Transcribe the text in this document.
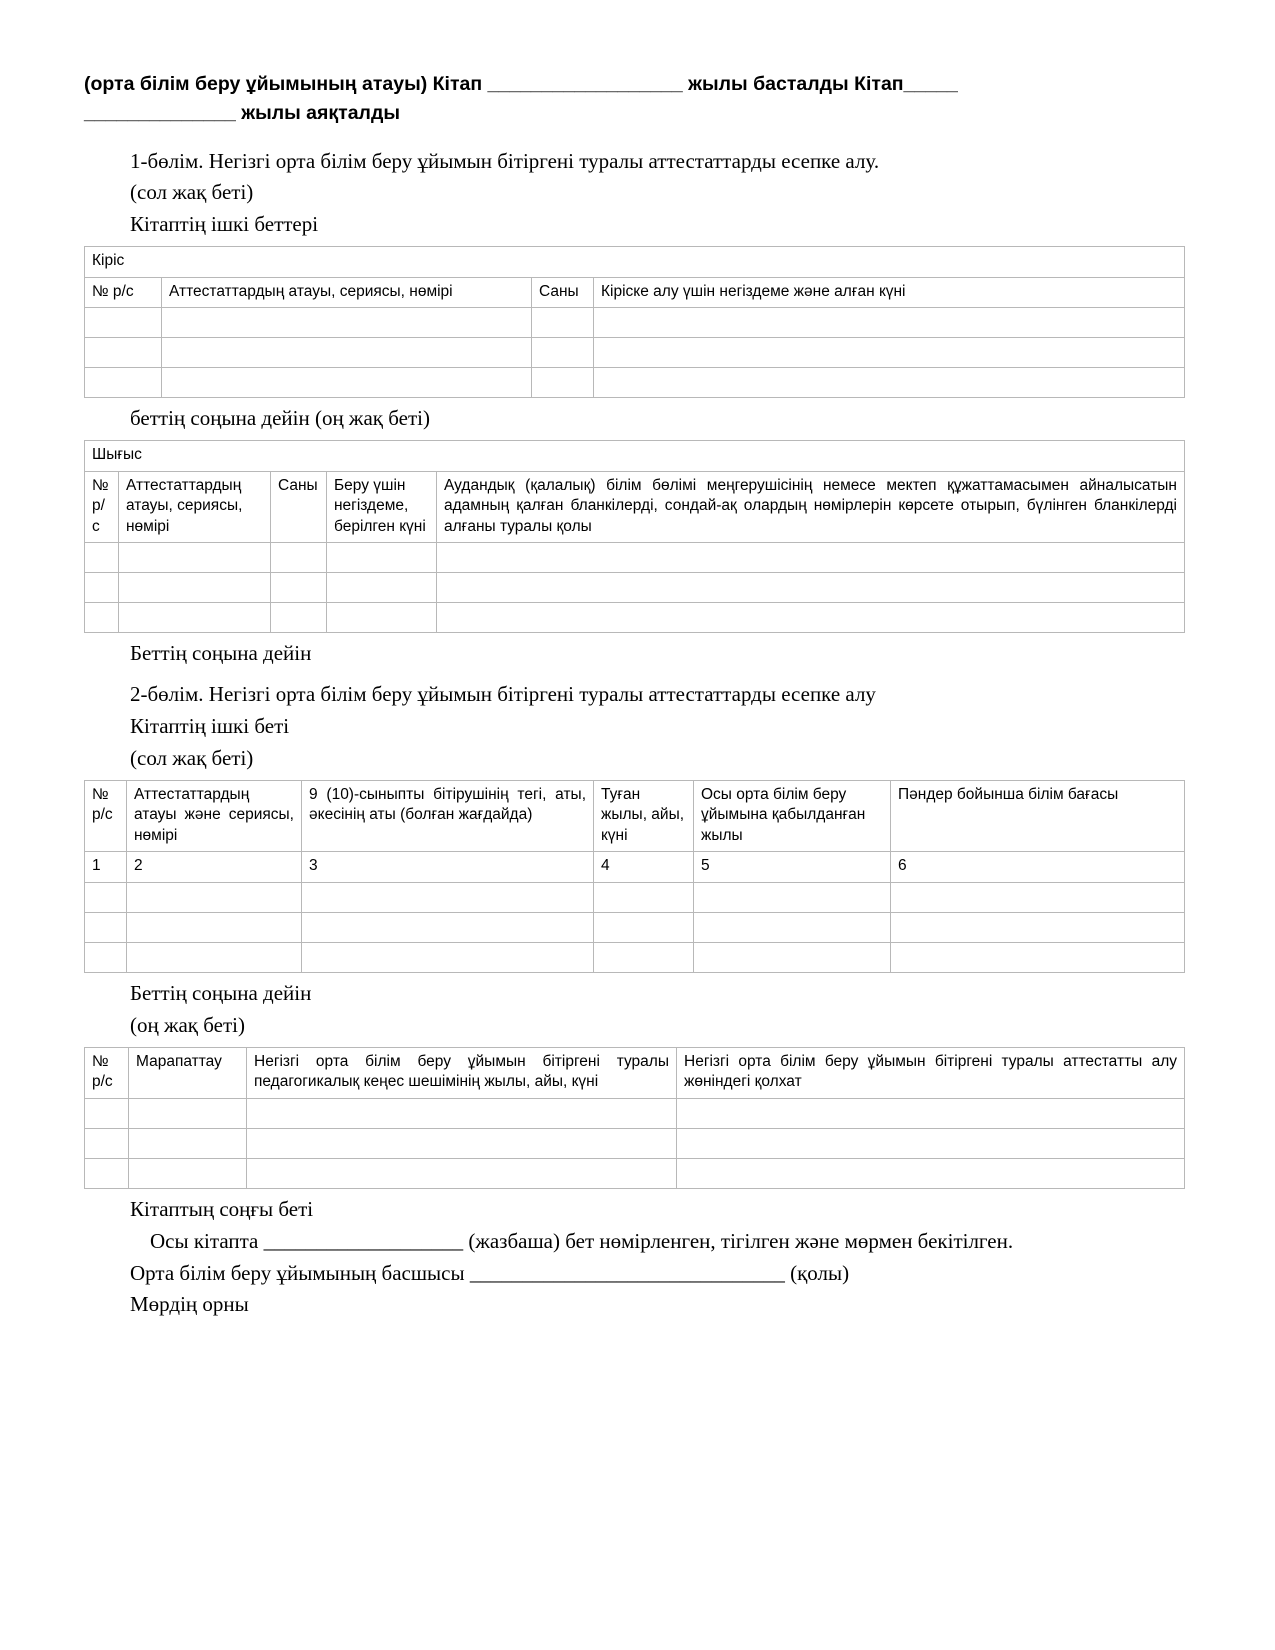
(орта білім беру ұйымының атауы) Кітап __________________ жылы басталды Кітап_____
______________ жылы аяқталды
1-бөлім. Негізгі орта білім беру ұйымын бітіргені туралы аттестаттарды есепке алу.
(сол жақ беті)
Кітаптің ішкі беттері
Кіріс			
№ р/с	Аттестаттардың атауы, сериясы, нөмірі	Саны	Кіріске алу үшін негіздеме және алған күні

беттің соңына дейін (оң жақ беті)
Шығыс				
№ р/с	Аттестаттардың атауы, сериясы, нөмірі	Саны	Беру үшін негіздеме, берілген күні	Аудандық (қалалық) білім бөлімі меңгерушісінің немесе мектеп құжаттамасымен айналысатын адамның қалған бланкілерді, сондай-ақ олардың нөмірлерін көрсете отырып, бүлінген бланкілерді алғаны туралы қолы

Беттің соңына дейін
2-бөлім. Негізгі орта білім беру ұйымын бітіргені туралы аттестаттарды есепке алу
Кітаптің ішкі беті
(сол жақ беті)
№ р/с	Аттестаттардың атауы және сериясы, нөмірі	9 (10)-сыныпты бітірушінің тегі, аты, әкесінің аты (болған жағдайда)	Туған жылы, айы, күні	Осы орта білім беру ұйымына қабылданған жылы	Пәндер бойынша білім бағасы
1	2	3	4	5	6

Беттің соңына дейін
(оң жақ беті)
№ р/с	Марапаттау	Негізгі орта білім беру ұйымын бітіргені туралы педагогикалық кеңес шешімінің жылы, айы, күні	Негізгі орта білім беру ұйымын бітіргені туралы аттестатты алу жөніндегі қолхат

Кітаптың соңғы беті
Осы кітапта ___________________ (жазбаша) бет нөмірленген, тігілген және мөрмен бекітілген.
Орта білім беру ұйымының басшысы ______________________________ (қолы)
Мөрдің орны
